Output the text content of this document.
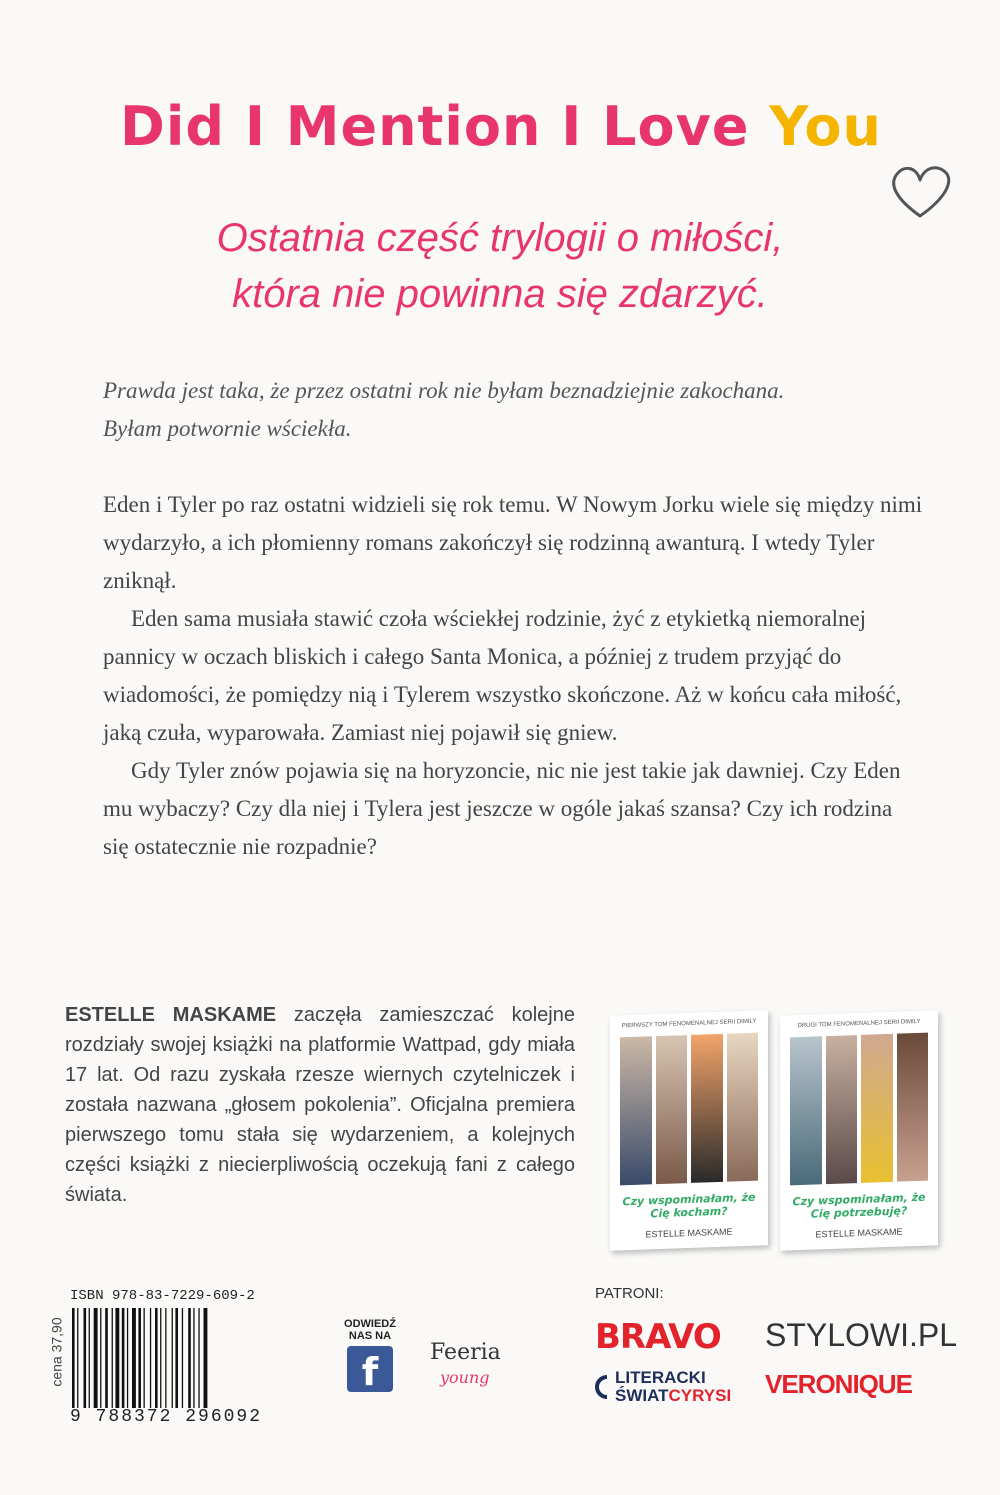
Did I Mention I Love You
Ostatnia część trylogii o miłości,
która nie powinna się zdarzyć.
Prawda jest taka, że przez ostatni rok nie byłam beznadziejnie zakochana.
Byłam potwornie wściekła.

Eden i Tyler po raz ostatni widzieli się rok temu. W Nowym Jorku wiele się między nimi wydarzyło, a ich płomienny romans zakończył się rodzinną awanturą. I wtedy Tyler zniknął.

Eden sama musiała stawić czoła wściekłej rodzinie, żyć z etykietką niemoralnej pannicy w oczach bliskich i całego Santa Monica, a później z trudem przyjąć do wiadomości, że pomiędzy nią i Tylerem wszystko skończone. Aż w końcu cała miłość, jaką czuła, wyparowała. Zamiast niej pojawił się gniew.

Gdy Tyler znów pojawia się na horyzoncie, nic nie jest takie jak dawniej. Czy Eden mu wybaczy? Czy dla niej i Tylera jest jeszcze w ogóle jakaś szansa? Czy ich rodzina się ostatecznie nie rozpadnie?

ESTELLE MASKAME zaczęła zamieszczać kolejne rozdziały swojej książki na platformie Wattpad, gdy miała 17 lat. Od razu zyskała rzesze wiernych czytelniczek i została nazwana „głosem pokolenia”. Oficjalna premiera pierwszego tomu stała się wydarzeniem, a kolejnych części książki z niecierpliwością oczekują fani z całego świata.
PIERWSZY TOM FENOMENALNEJ SERII DIMILY
Czy wspominałam, że Cię kocham?
ESTELLE MASKAME
DRUGI TOM FENOMENALNEJ SERII DIMILY
Czy wspominałam, że Cię potrzebuję?
ESTELLE MASKAME
ISBN 978-83-7229-609-2
9 788372 296092
cena 37,90	ODWIEDŹ
NAS NA
f	Feeria
young
PATRONI:
BRAVO STYLOWI.PL
LITERACKI
ŚWIATCYRYSI VERONIQUE
